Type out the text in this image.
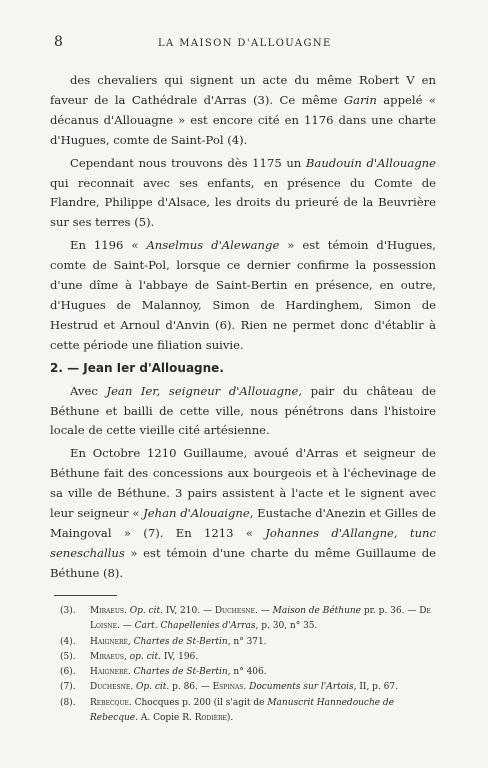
8	LA MAISON D'ALLOUAGNE

des chevaliers qui signent un acte du même Robert V en faveur de la Cathédrale d'Arras (3). Ce même Garin appelé « décanus d'Allouagne » est encore cité en 1176 dans une charte d'Hugues, comte de Saint-Pol (4).

Cependant nous trouvons dès 1175 un Baudouin d'Allouagne qui reconnait avec ses enfants, en présence du Comte de Flandre, Philippe d'Alsace, les droits du prieuré de la Beuvrière sur ses terres (5).

En 1196 « Anselmus d'Alewange » est témoin d'Hugues, comte de Saint-Pol, lorsque ce dernier confirme la possession d'une dîme à l'abbaye de Saint-Bertin en présence, en outre, d'Hugues de Malannoy, Simon de Hardinghem, Simon de Hestrud et Arnoul d'Anvin (6). Rien ne permet donc d'établir à cette période une filiation suivie.

2. — Jean Ier d'Allouagne.

Avec Jean Ier, seigneur d'Allouagne, pair du château de Béthune et bailli de cette ville, nous pénétrons dans l'histoire locale de cette vieille cité artésienne.

En Octobre 1210 Guillaume, avoué d'Arras et seigneur de Béthune fait des concessions aux bourgeois et à l'échevinage de sa ville de Béthune. 3 pairs assistent à l'acte et le signent avec leur seigneur « Jehan d'Alouaigne, Eustache d'Anezin et Gilles de Maingoval » (7). En 1213 « Johannes d'Allangne, tunc seneschallus » est témoin d'une charte du même Guillaume de Béthune (8).

(3).	Miraeus. Op. cit. IV, 210. — Duchesne. — Maison de Béthune pr. p. 36. — De Loisne. — Cart. Chapellenies d'Arras, p. 30, n° 35.
(4).	Haigneré, Chartes de St-Bertin, n° 371.
(5).	Miraeus, op. cit. IV, 196.
(6).	Haigneré. Chartes de St-Bertin, n° 406.
(7).	Duchesne. Op. cit. p. 86. — Espinas. Documents sur l'Artois, II, p. 67.
(8).	Rebecque. Chocques p. 200 (il s'agit de Manuscrit Hannedouche de Rebecque. A. Copie R. Rodière).
